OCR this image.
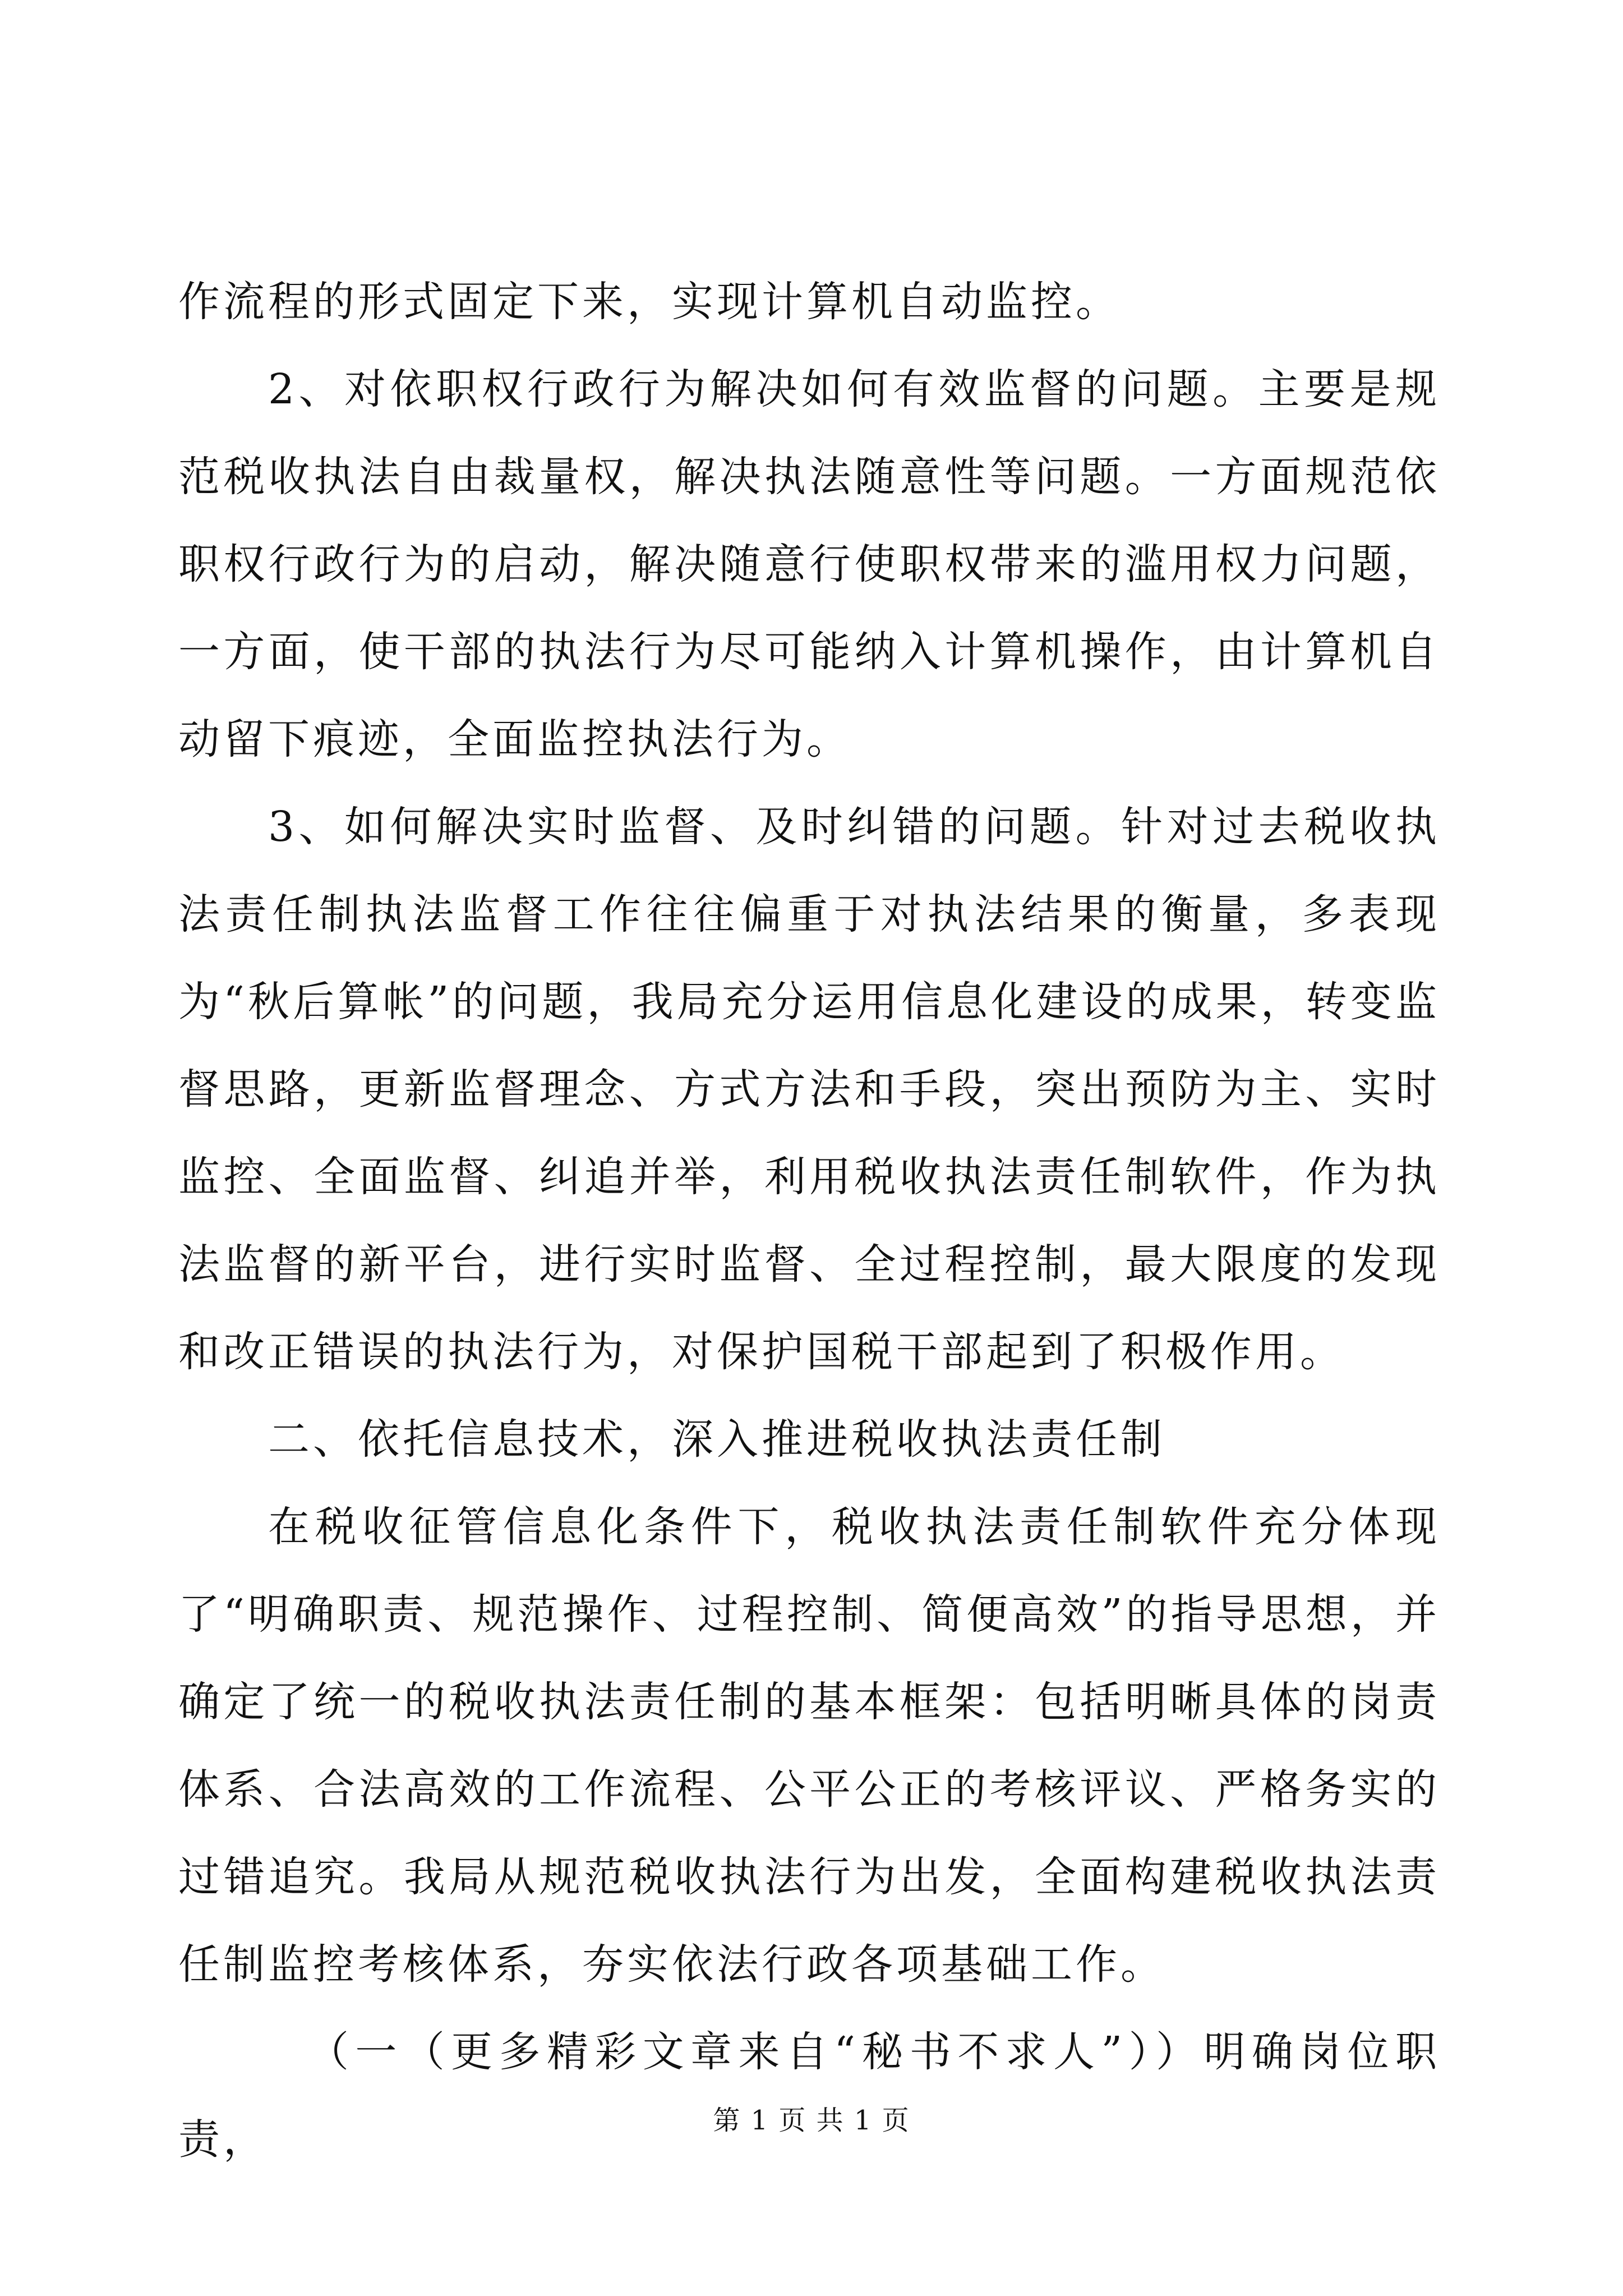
作流程的形式固定下来，实现计算机自动监控。

2、对依职权行政行为解决如何有效监督的问题。主要是规范税收执法自由裁量权，解决执法随意性等问题。一方面规范依职权行政行为的启动，解决随意行使职权带来的滥用权力问题，一方面，使干部的执法行为尽可能纳入计算机操作，由计算机自动留下痕迹，全面监控执法行为。

3、如何解决实时监督、及时纠错的问题。针对过去税收执法责任制执法监督工作往往偏重于对执法结果的衡量，多表现为“秋后算帐”的问题，我局充分运用信息化建设的成果，转变监督思路，更新监督理念、方式方法和手段，突出预防为主、实时监控、全面监督、纠追并举，利用税收执法责任制软件，作为执法监督的新平台，进行实时监督、全过程控制，最大限度的发现和改正错误的执法行为，对保护国税干部起到了积极作用。

二、依托信息技术，深入推进税收执法责任制

在税收征管信息化条件下，税收执法责任制软件充分体现了“明确职责、规范操作、过程控制、简便高效”的指导思想，并确定了统一的税收执法责任制的基本框架：包括明晰具体的岗责体系、合法高效的工作流程、公平公正的考核评议、严格务实的过错追究。我局从规范税收执法行为出发，全面构建税收执法责任制监控考核体系，夯实依法行政各项基础工作。

（一（更多精彩文章来自“秘书不求人”））明确岗位职责，	第 1 页 共 1 页
